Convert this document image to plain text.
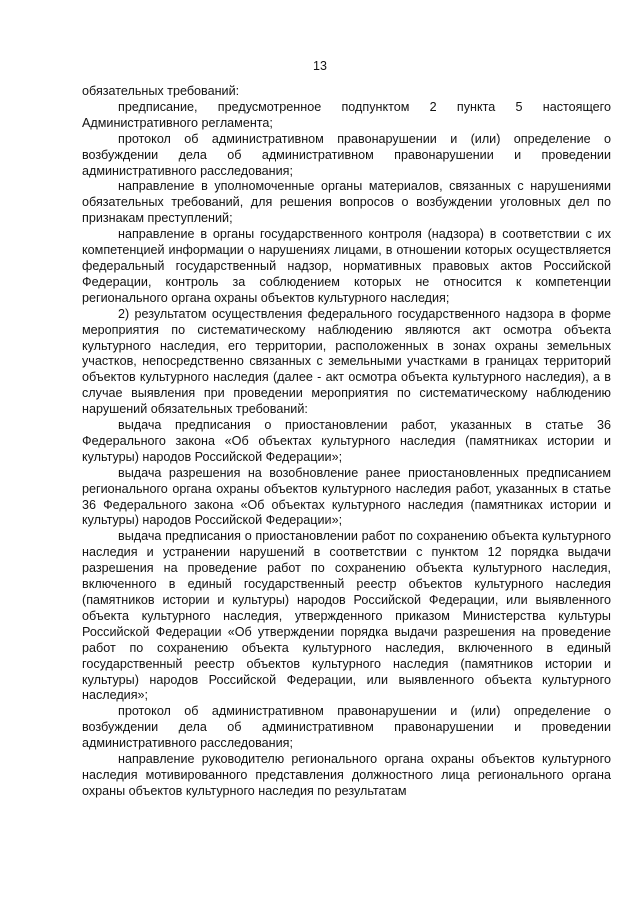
13

обязательных требований:

предписание, предусмотренное подпунктом 2 пункта 5 настоящего Административного регламента;

протокол об административном правонарушении и (или) определение о возбуждении дела об административном правонарушении и проведении административного расследования;

направление в уполномоченные органы материалов, связанных с нарушениями обязательных требований, для решения вопросов о возбуждении уголовных дел по признакам преступлений;

направление в органы государственного контроля (надзора) в соответствии с их компетенцией информации о нарушениях лицами, в отношении которых осуществляется федеральный государственный надзор, нормативных правовых актов Российской Федерации, контроль за соблюдением которых не относится к компетенции регионального органа охраны объектов культурного наследия;

2) результатом осуществления федерального государственного надзора в форме мероприятия по систематическому наблюдению являются акт осмотра объекта культурного наследия, его территории, расположенных в зонах охраны земельных участков, непосредственно связанных с земельными участками в границах территорий объектов культурного наследия (далее - акт осмотра объекта культурного наследия), а в случае выявления при проведении мероприятия по систематическому наблюдению нарушений обязательных требований:

выдача предписания о приостановлении работ, указанных в статье 36 Федерального закона «Об объектах культурного наследия (памятниках истории и культуры) народов Российской Федерации»;

выдача разрешения на возобновление ранее приостановленных предписанием регионального органа охраны объектов культурного наследия работ, указанных в статье 36 Федерального закона «Об объектах культурного наследия (памятниках истории и культуры) народов Российской Федерации»;

выдача предписания о приостановлении работ по сохранению объекта культурного наследия и устранении нарушений в соответствии с пунктом 12 порядка выдачи разрешения на проведение работ по сохранению объекта культурного наследия, включенного в единый государственный реестр объектов культурного наследия (памятников истории и культуры) народов Российской Федерации, или выявленного объекта культурного наследия, утвержденного приказом Министерства культуры Российской Федерации «Об утверждении порядка выдачи разрешения на проведение работ по сохранению объекта культурного наследия, включенного в единый государственный реестр объектов культурного наследия (памятников истории и культуры) народов Российской Федерации, или выявленного объекта культурного наследия»;

протокол об административном правонарушении и (или) определение о возбуждении дела об административном правонарушении и проведении административного расследования;

направление руководителю регионального органа охраны объектов культурного наследия мотивированного представления должностного лица регионального органа охраны объектов культурного наследия по результатам
